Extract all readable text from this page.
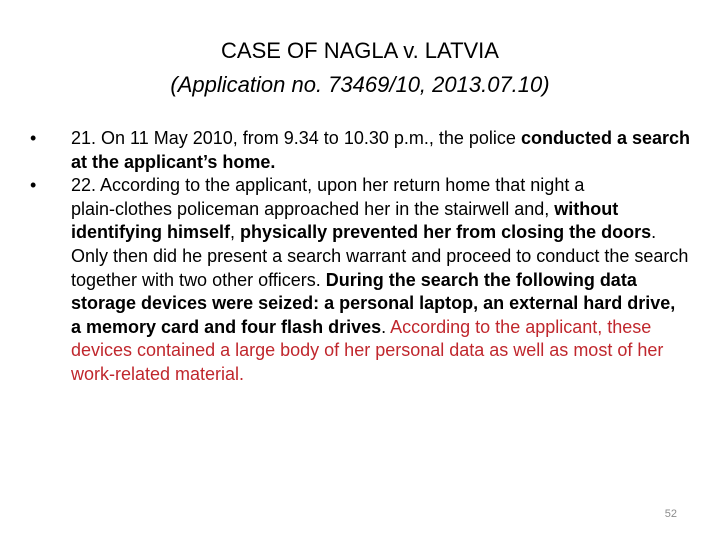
CASE OF NAGLA v. LATVIA
(Application no. 73469/10, 2013.07.10)
• 21. On 11 May 2010, from 9.34 to 10.30 p.m., the police conducted a search at the applicant’s home.
• 22. According to the applicant, upon her return home that night a plain‑clothes policeman approached her in the stairwell and, without identifying himself, physically prevented her from closing the doors. Only then did he present a search warrant and proceed to conduct the search together with two other officers. During the search the following data storage devices were seized: a personal laptop, an external hard drive, a memory card and four flash drives. According to the applicant, these devices contained a large body of her personal data as well as most of her work-related material.
52
